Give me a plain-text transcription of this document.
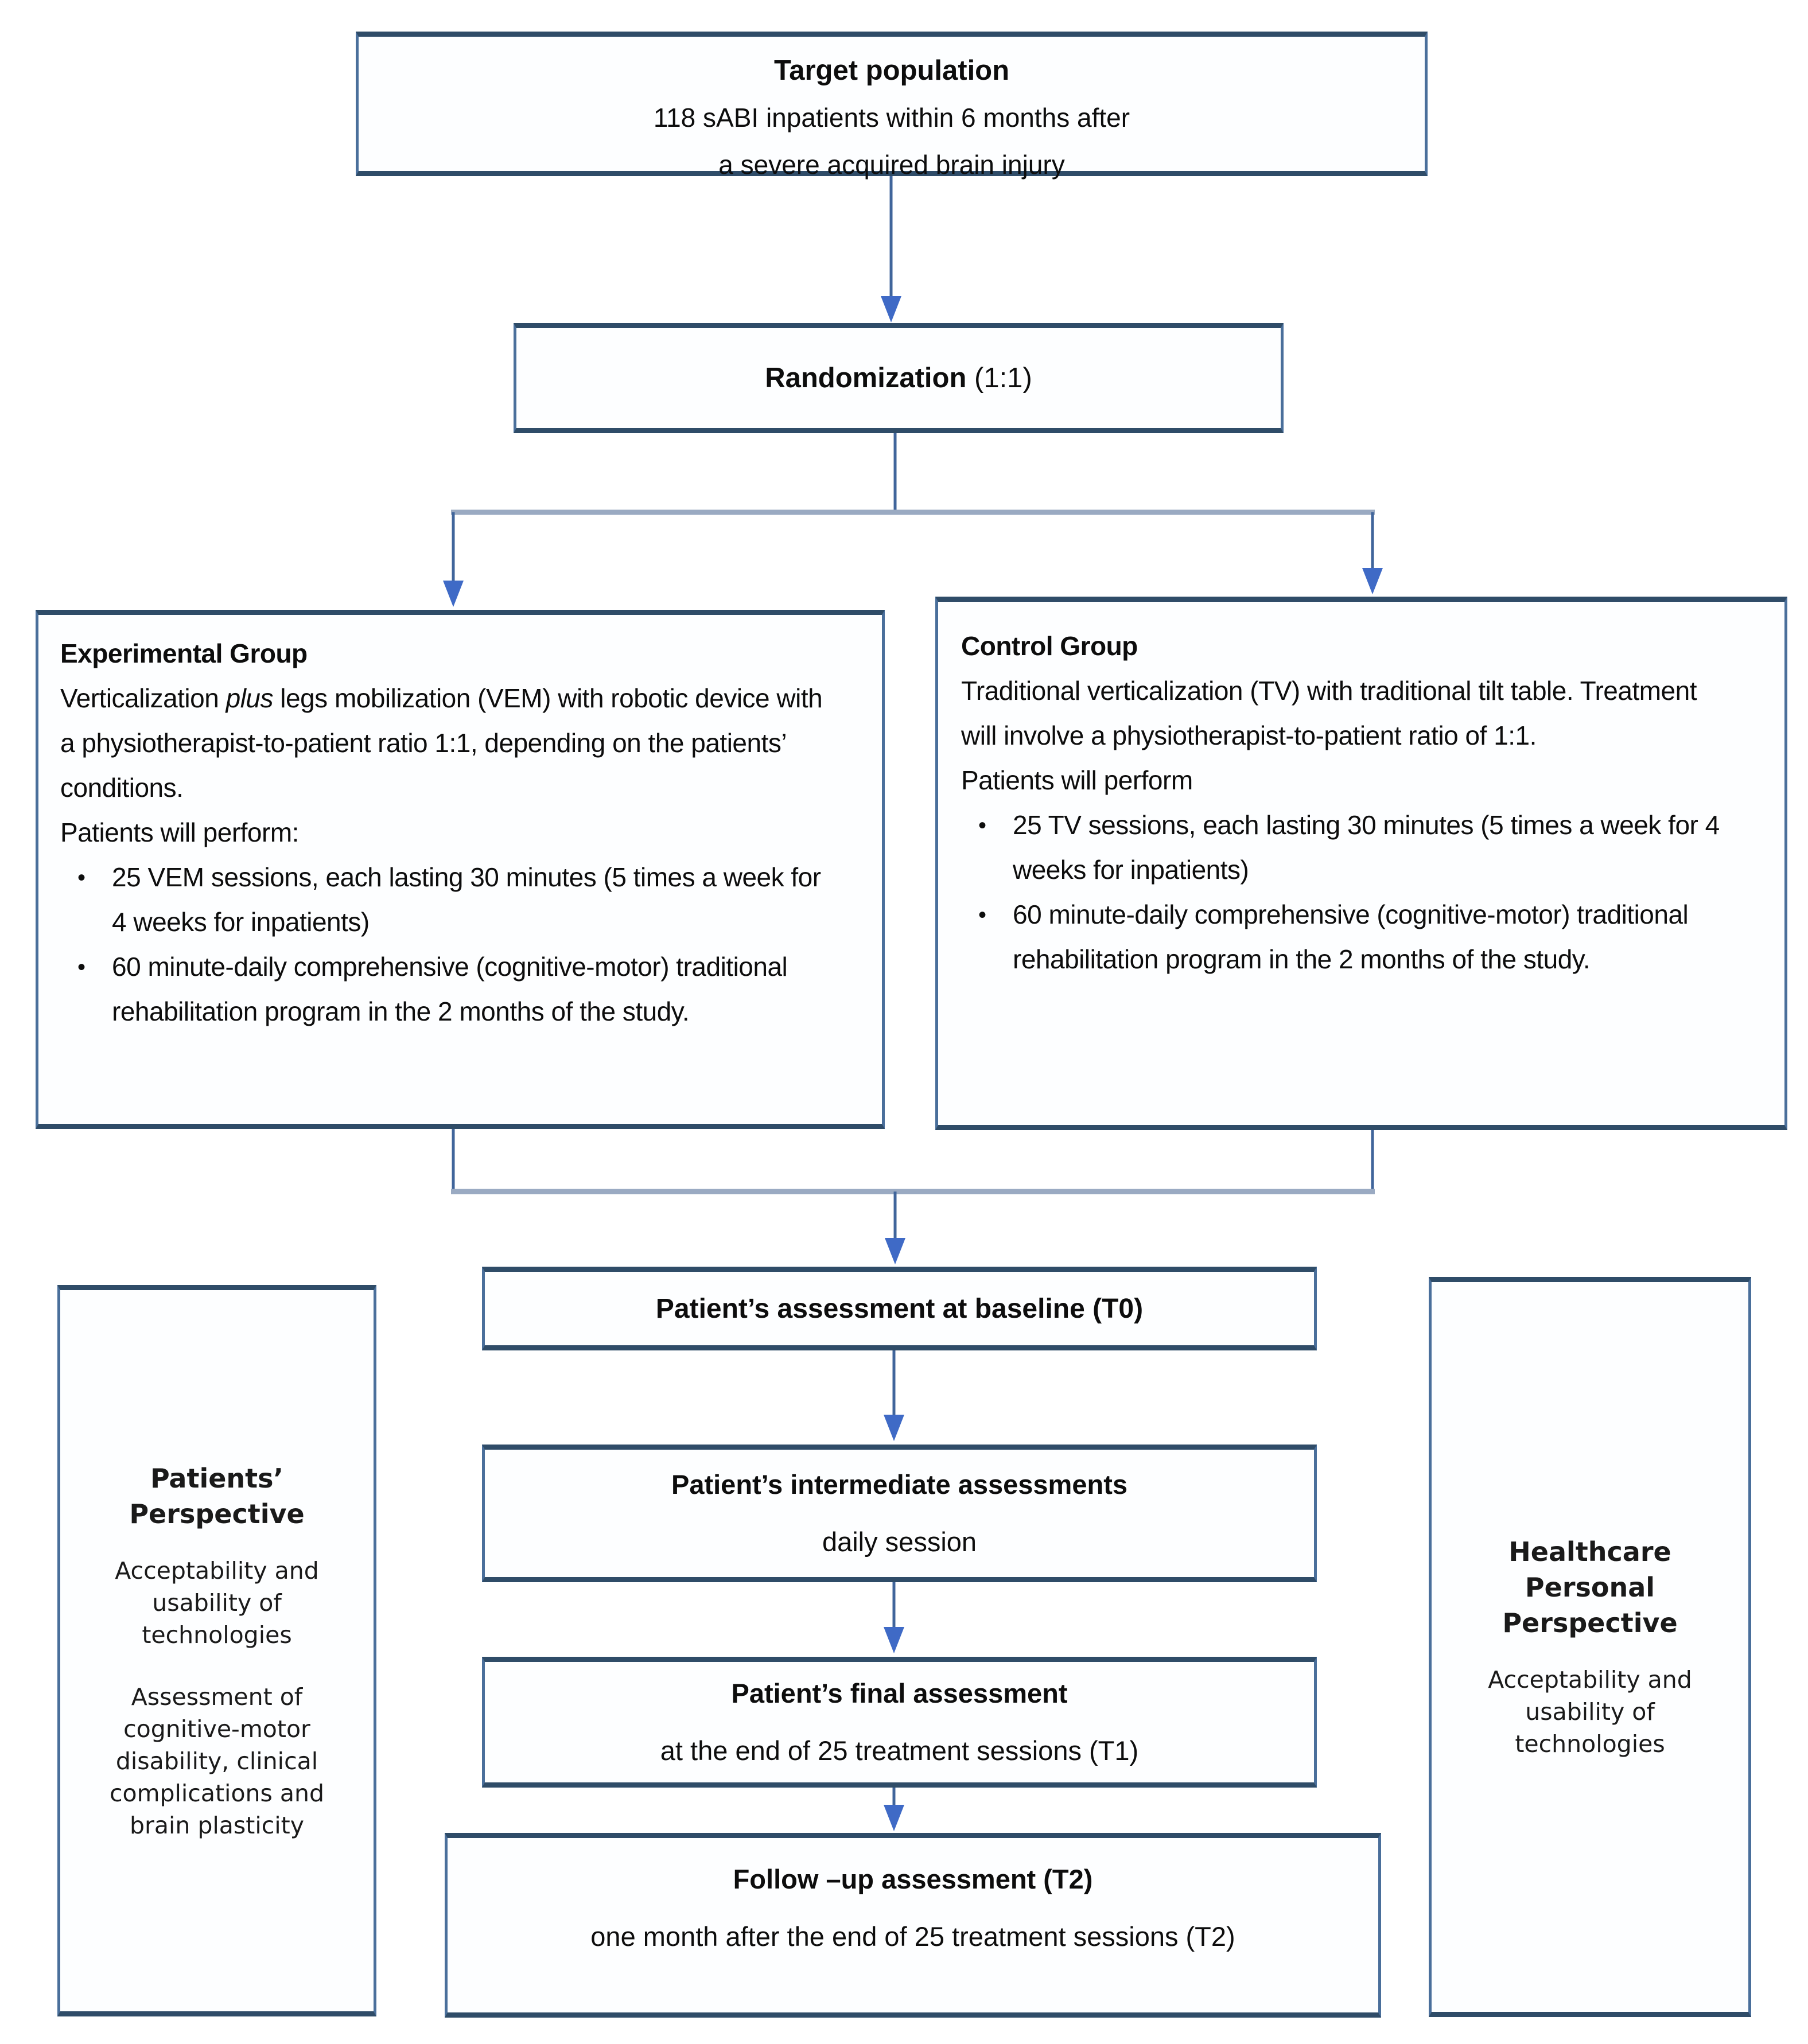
Target population
118 sABI inpatients within 6 months after
a severe acquired brain injury
Randomization (1:1)
Experimental Group
Verticalization plus legs mobilization (VEM) with robotic device with a physiotherapist-to-patient ratio 1:1, depending on the patients’ conditions.
Patients will perform:
• 25 VEM sessions, each lasting 30 minutes (5 times a week for 4 weeks for inpatients)
• 60 minute-daily comprehensive (cognitive-motor) traditional rehabilitation program in the 2 months of the study.
Control Group
Traditional verticalization (TV) with traditional tilt table. Treatment will involve a physiotherapist-to-patient ratio of 1:1.
Patients will perform
• 25 TV sessions, each lasting 30 minutes (5 times a week for 4 weeks for inpatients)
• 60 minute-daily comprehensive (cognitive-motor) traditional rehabilitation program in the 2 months of the study.
Patient’s assessment at baseline (T0)
Patient’s intermediate assessments
daily session
Patient’s final assessment
at the end of 25 treatment sessions (T1)
Follow –up assessment (T2)
one month after the end of 25 treatment sessions (T2)
Patients’ Perspective
Acceptability and usability of technologies
Assessment of cognitive-motor disability, clinical complications and brain plasticity
Healthcare Personal Perspective
Acceptability and usability of technologies
